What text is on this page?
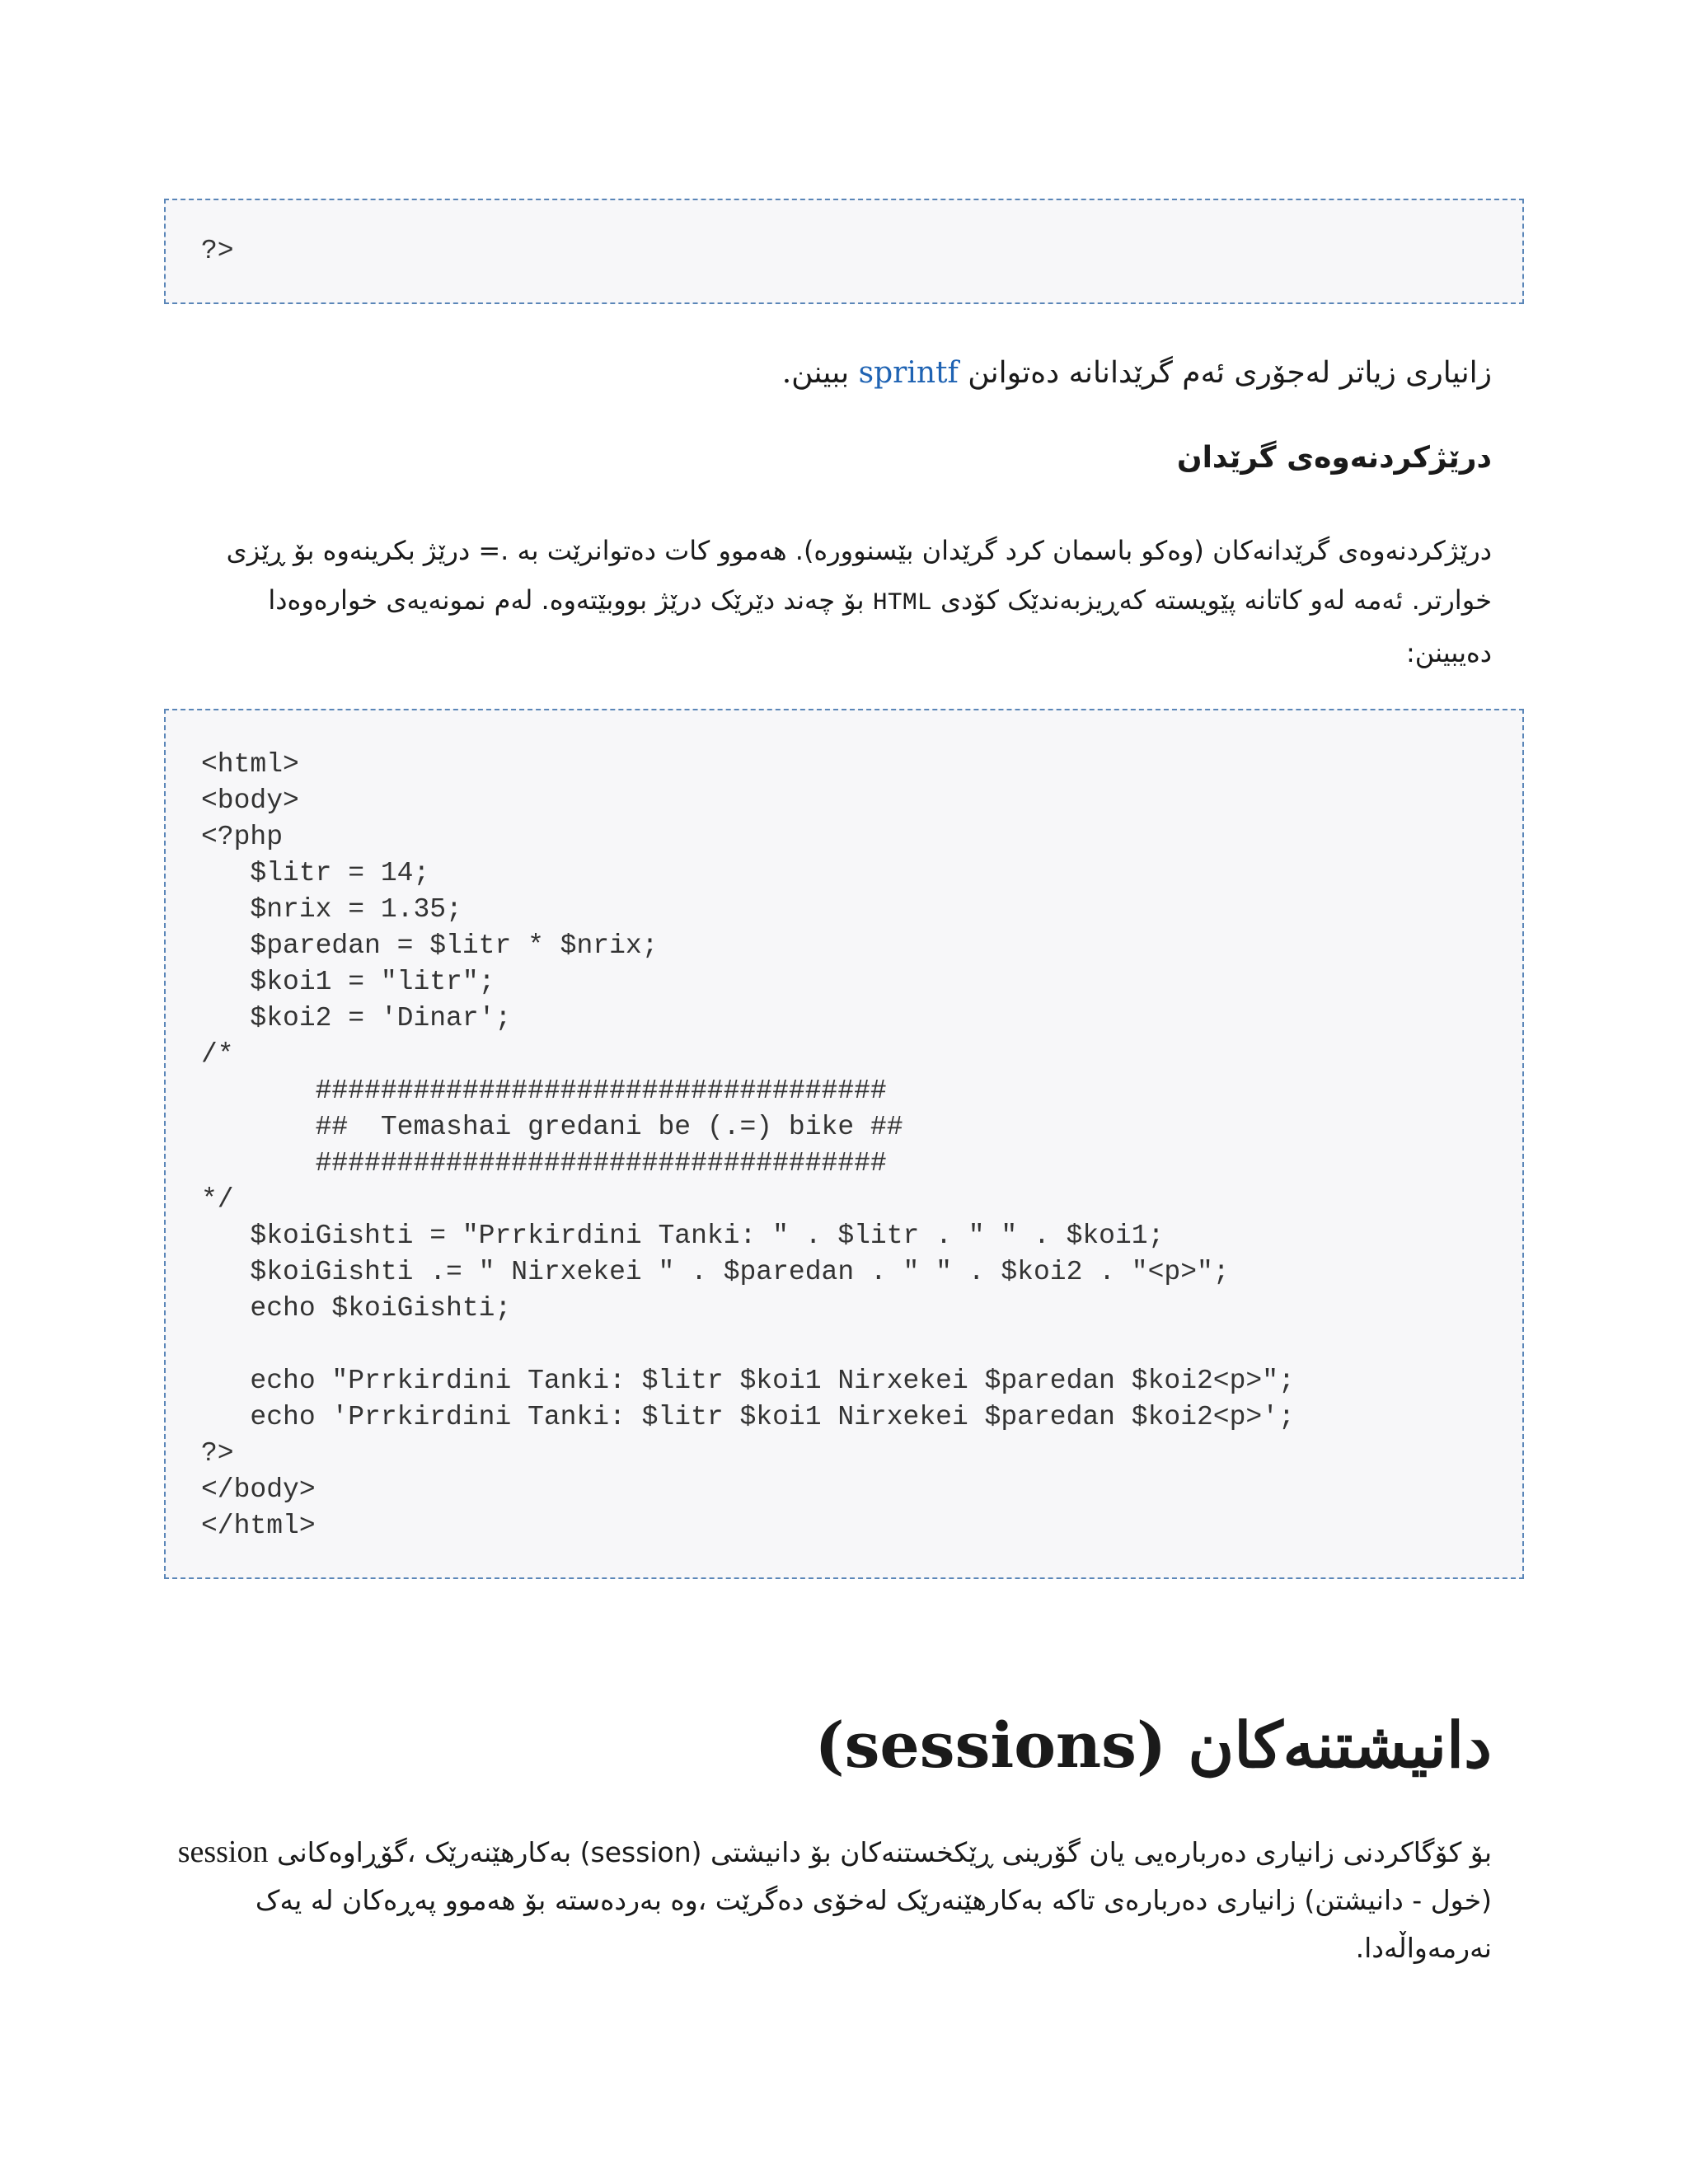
?>
زانیاری زیاتر لەجۆری ئەم گرێدانانە دەتوانن sprintf ببینن.
درێژکردنەوەی گرێدان
درێژکردنەوەی گرێدانەکان (وەکو باسمان کرد گرێدان بێسنوورە). هەموو کات دەتوانرێت بە .= درێژ بکرینەوە بۆ ڕێزی خوارتر. ئەمە لەو کاتانە پێویستە کەڕیزبەندێک کۆدی HTML بۆ چەند دێرێک درێژ بووبێتەوە. لەم نمونەیەی خوارەوەدا دەیبینن:
<html>
<body>
<?php
$litr = 14;
$nrix = 1.35;
$paredan = $litr * $nrix;
$koi1 = "litr";
$koi2 = 'Dinar';
/*
###################################
##  Temashai gredani be (.=) bike ##
###################################
*/
$koiGishti = "Prrkirdini Tanki: " . $litr . " " . $koi1;
$koiGishti .= " Nirxekei " . $paredan . " " . $koi2 . "<p>";
echo $koiGishti;

echo "Prrkirdini Tanki: $litr $koi1 Nirxekei $paredan $koi2<p>";
echo 'Prrkirdini Tanki: $litr $koi1 Nirxekei $paredan $koi2<p>';
?>
</body>
</html>
دانیشتنەکان (sessions)
بۆ کۆگاکردنی زانیاری دەربارەیی یان گۆرینی ڕێکخستنەکان بۆ دانیشتی (session) بەکارهێنەرێک ،گۆڕاوەکانی session (خول - دانیشتن) زانیاری دەربارەی تاکە بەکارهێنەرێک لەخۆی دەگرێت ،وە بەردەستە بۆ هەموو پەڕەکان لە یەک نەرمەواڵەدا.
